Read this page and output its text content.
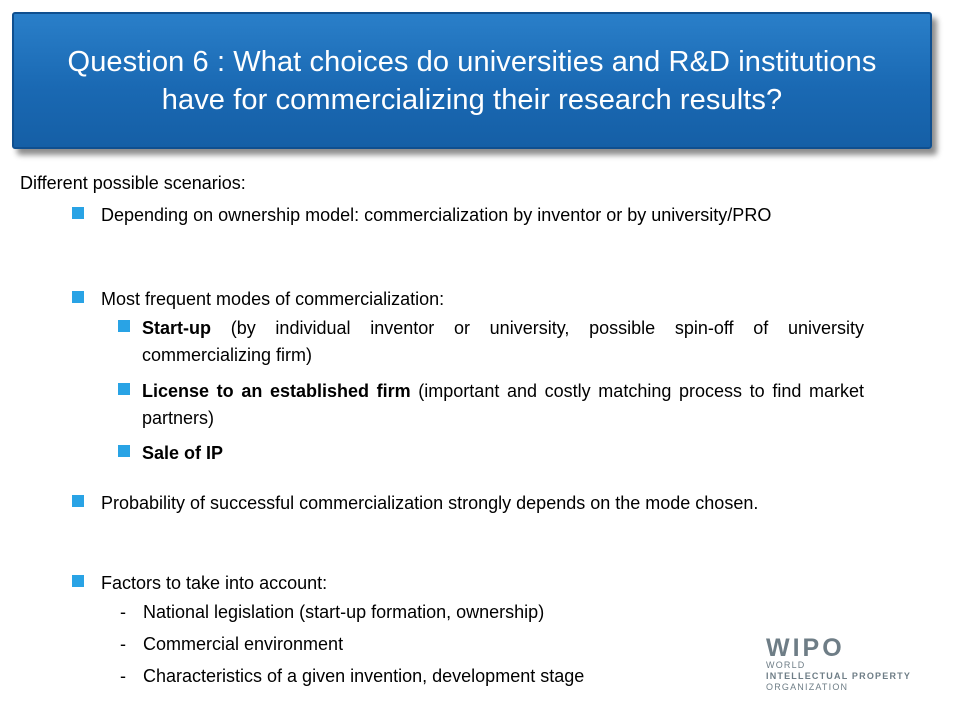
Question 6 : What choices do universities and R&D institutions have for commercializing their research results?
Different possible scenarios:
Depending on ownership model: commercialization by inventor or by university/PRO
Most frequent modes of commercialization:
Start-up (by individual inventor or university, possible spin-off of university commercializing firm)
License to an established firm (important and costly matching process to find market partners)
Sale of IP
Probability of successful commercialization strongly depends on the mode chosen.
Factors to take into account:
- National legislation (start-up formation, ownership)
- Commercial environment
- Characteristics of a given invention, development stage
WIPO
WORLD
INTELLECTUAL PROPERTY
ORGANIZATION
